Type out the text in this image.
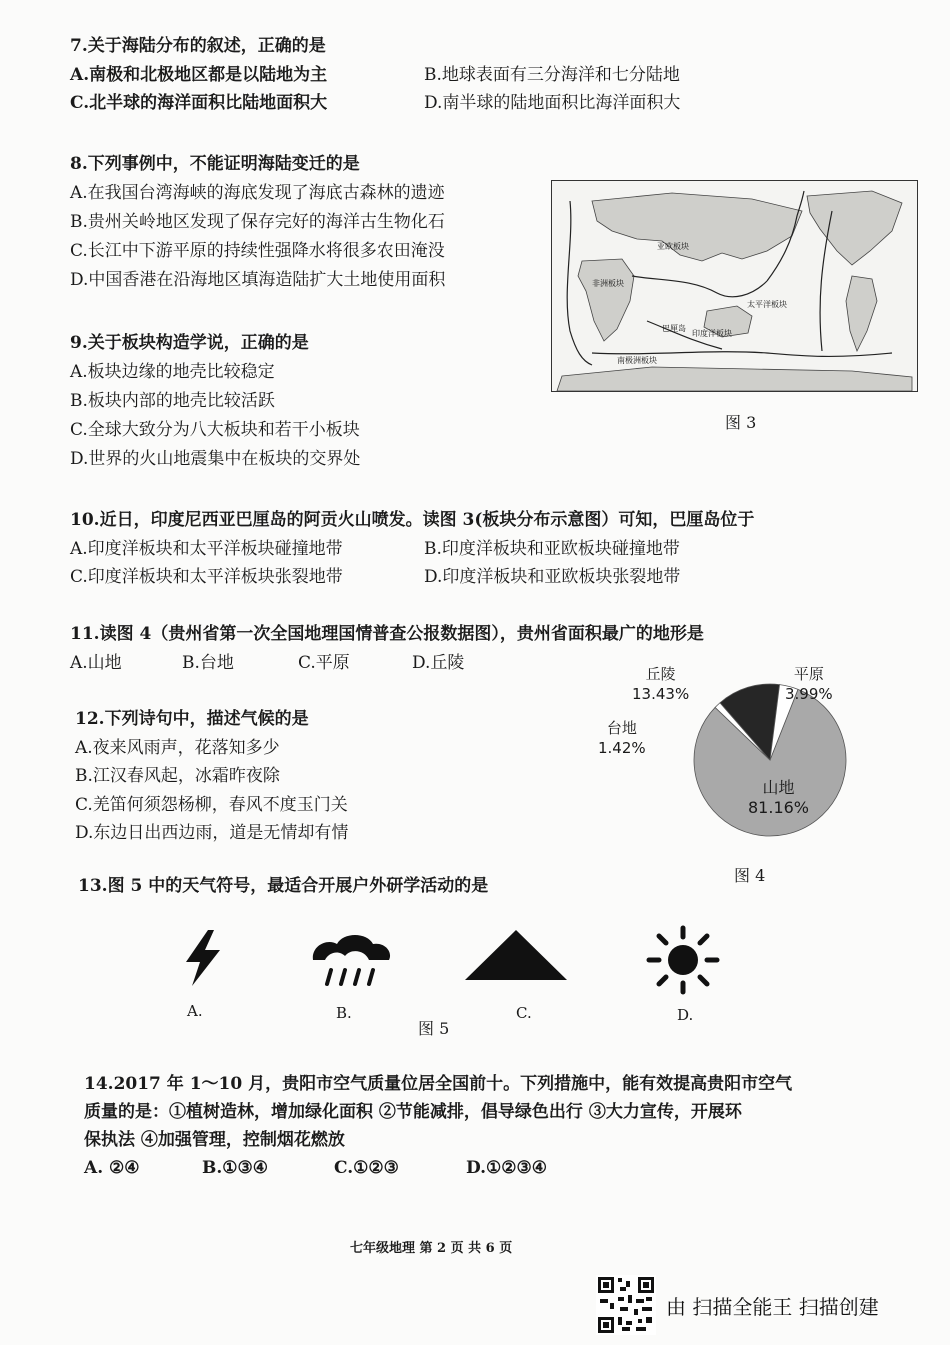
7.关于海陆分布的叙述，正确的是
A.南极和北极地区都是以陆地为主	B.地球表面有三分海洋和七分陆地
C.北半球的海洋面积比陆地面积大	D.南半球的陆地面积比海洋面积大
8.下列事例中，不能证明海陆变迁的是
A.在我国台湾海峡的海底发现了海底古森林的遗迹
B.贵州关岭地区发现了保存完好的海洋古生物化石
C.长江中下游平原的持续性强降水将很多农田淹没
D.中国香港在沿海地区填海造陆扩大土地使用面积
9.关于板块构造学说，正确的是
A.板块边缘的地壳比较稳定
B.板块内部的地壳比较活跃
C.全球大致分为八大板块和若干小板块
D.世界的火山地震集中在板块的交界处
亚欧板块
非洲板块
太平洋板块
巴厘岛
印度洋板块
南极洲板块
图 3
10.近日，印度尼西亚巴厘岛的阿贡火山喷发。读图 3(板块分布示意图）可知，巴厘岛位于
A.印度洋板块和太平洋板块碰撞地带	B.印度洋板块和亚欧板块碰撞地带
C.印度洋板块和太平洋板块张裂地带	D.印度洋板块和亚欧板块张裂地带
11.读图 4（贵州省第一次全国地理国情普查公报数据图），贵州省面积最广的地形是
A.山地	B.台地	C.平原	D.丘陵
丘陵
13.43%
平原
3.99%
台地
1.42%
山地
81.16%
图 4
12.下列诗句中，描述气候的是
A.夜来风雨声，花落知多少
B.江汉春风起，冰霜昨夜除
C.羌笛何须怨杨柳，春风不度玉门关
D.东边日出西边雨，道是无情却有情
13.图 5 中的天气符号，最适合开展户外研学活动的是
A.	B.	C.	D.
图 5
14.2017 年 1～10 月，贵阳市空气质量位居全国前十。下列措施中，能有效提高贵阳市空气
质量的是：①植树造林，增加绿化面积 ②节能减排，倡导绿色出行 ③大力宣传，开展环
保执法 ④加强管理，控制烟花燃放
A. ②④	B.①③④	C.①②③	D.①②③④
七年级地理 第 2 页 共 6 页
由 扫描全能王 扫描创建
